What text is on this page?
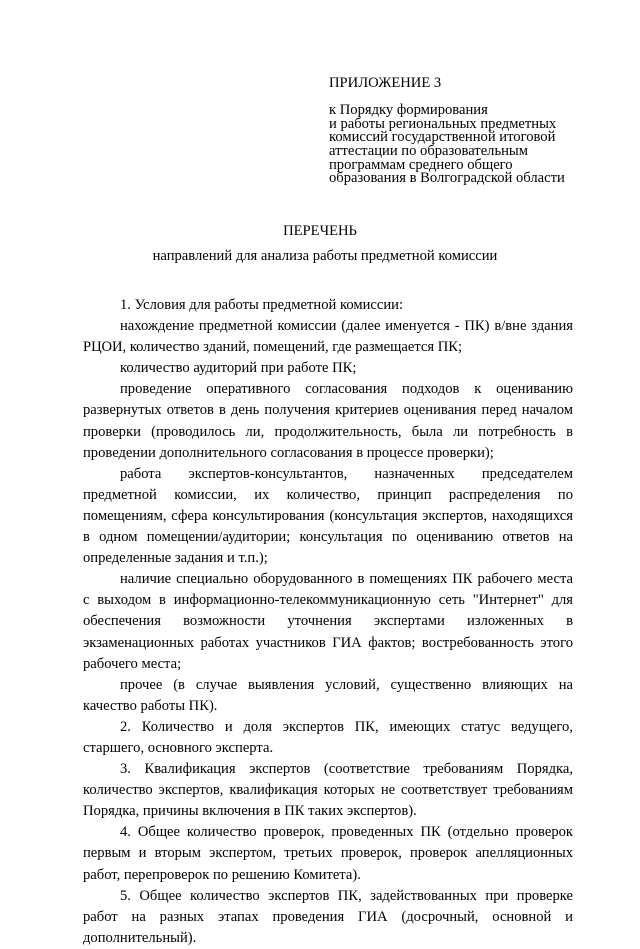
ПРИЛОЖЕНИЕ 3
к Порядку формирования
и работы региональных предметных
комиссий государственной итоговой
аттестации по образовательным
программам среднего общего
образования в Волгоградской области
ПЕРЕЧЕНЬ
направлений для анализа работы предметной комиссии

1. Условия для работы предметной комиссии:

нахождение предметной комиссии (далее именуется - ПК) в/вне здания РЦОИ, количество зданий, помещений, где размещается ПК;

количество аудиторий при работе ПК;

проведение оперативного согласования подходов к оцениванию развернутых ответов в день получения критериев оценивания перед началом проверки (проводилось ли, продолжительность, была ли потребность в проведении дополнительного согласования в процессе проверки);

работа экспертов-консультантов, назначенных председателем предметной комиссии, их количество, принцип распределения по помещениям, сфера консультирования (консультация экспертов, находящихся в одном помещении/аудитории; консультация по оцениванию ответов на определенные задания и т.п.);

наличие специально оборудованного в помещениях ПК рабочего места с выходом в информационно-телекоммуникационную сеть "Интернет" для обеспечения возможности уточнения экспертами изложенных в экзаменационных работах участников ГИА фактов; востребованность этого рабочего места;

прочее (в случае выявления условий, существенно влияющих на качество работы ПК).

2. Количество и доля экспертов ПК, имеющих статус ведущего, старшего, основного эксперта.

3. Квалификация экспертов (соответствие требованиям Порядка, количество экспертов, квалификация которых не соответствует требованиям Порядка, причины включения в ПК таких экспертов).

4. Общее количество проверок, проведенных ПК (отдельно проверок первым и вторым экспертом, третьих проверок, проверок апелляционных работ, перепроверок по решению Комитета).

5. Общее количество экспертов ПК, задействованных при проверке работ на разных этапах проведения ГИА (досрочный, основной и дополнительный).
